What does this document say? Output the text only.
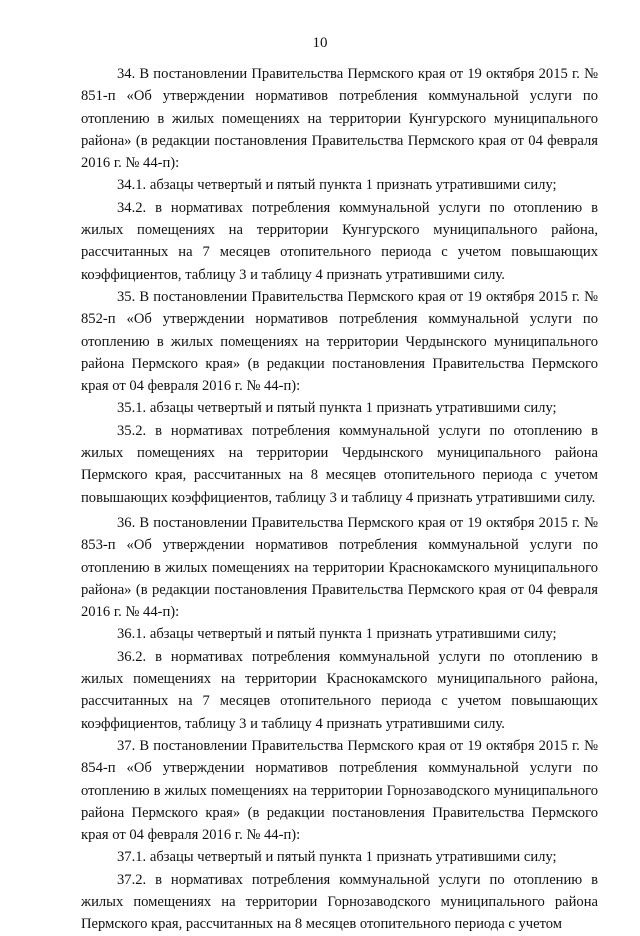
10

34. В постановлении Правительства Пермского края от 19 октября 2015 г. № 851-п «Об утверждении нормативов потребления коммунальной услуги по отоплению в жилых помещениях на территории Кунгурского муниципального района» (в редакции постановления Правительства Пермского края от 04 февраля 2016 г. № 44-п):

34.1. абзацы четвертый и пятый пункта 1 признать утратившими силу;

34.2. в нормативах потребления коммунальной услуги по отоплению в жилых помещениях на территории Кунгурского муниципального района, рассчитанных на 7 месяцев отопительного периода с учетом повышающих коэффициентов, таблицу 3 и таблицу 4 признать утратившими силу.

35. В постановлении Правительства Пермского края от 19 октября 2015 г. № 852-п «Об утверждении нормативов потребления коммунальной услуги по отоплению в жилых помещениях на территории Чердынского муниципального района Пермского края» (в редакции постановления Правительства Пермского края от 04 февраля 2016 г. № 44-п):

35.1. абзацы четвертый и пятый пункта 1 признать утратившими силу;

35.2. в нормативах потребления коммунальной услуги по отоплению в жилых помещениях на территории Чердынского муниципального района Пермского края, рассчитанных на 8 месяцев отопительного периода с учетом повышающих коэффициентов, таблицу 3 и таблицу 4 признать утратившими силу.

36. В постановлении Правительства Пермского края от 19 октября 2015 г. № 853-п «Об утверждении нормативов потребления коммунальной услуги по отоплению в жилых помещениях на территории Краснокамского муниципального района» (в редакции постановления Правительства Пермского края от 04 февраля 2016 г. № 44-п):

36.1. абзацы четвертый и пятый пункта 1 признать утратившими силу;

36.2. в нормативах потребления коммунальной услуги по отоплению в жилых помещениях на территории Краснокамского муниципального района, рассчитанных на 7 месяцев отопительного периода с учетом повышающих коэффициентов, таблицу 3 и таблицу 4 признать утратившими силу.

37. В постановлении Правительства Пермского края от 19 октября 2015 г. № 854-п «Об утверждении нормативов потребления коммунальной услуги по отоплению в жилых помещениях на территории Горнозаводского муниципального района Пермского края» (в редакции постановления Правительства Пермского края от 04 февраля 2016 г. № 44-п):

37.1. абзацы четвертый и пятый пункта 1 признать утратившими силу;

37.2. в нормативах потребления коммунальной услуги по отоплению в жилых помещениях на территории Горнозаводского муниципального района Пермского края, рассчитанных на 8 месяцев отопительного периода с учетом
